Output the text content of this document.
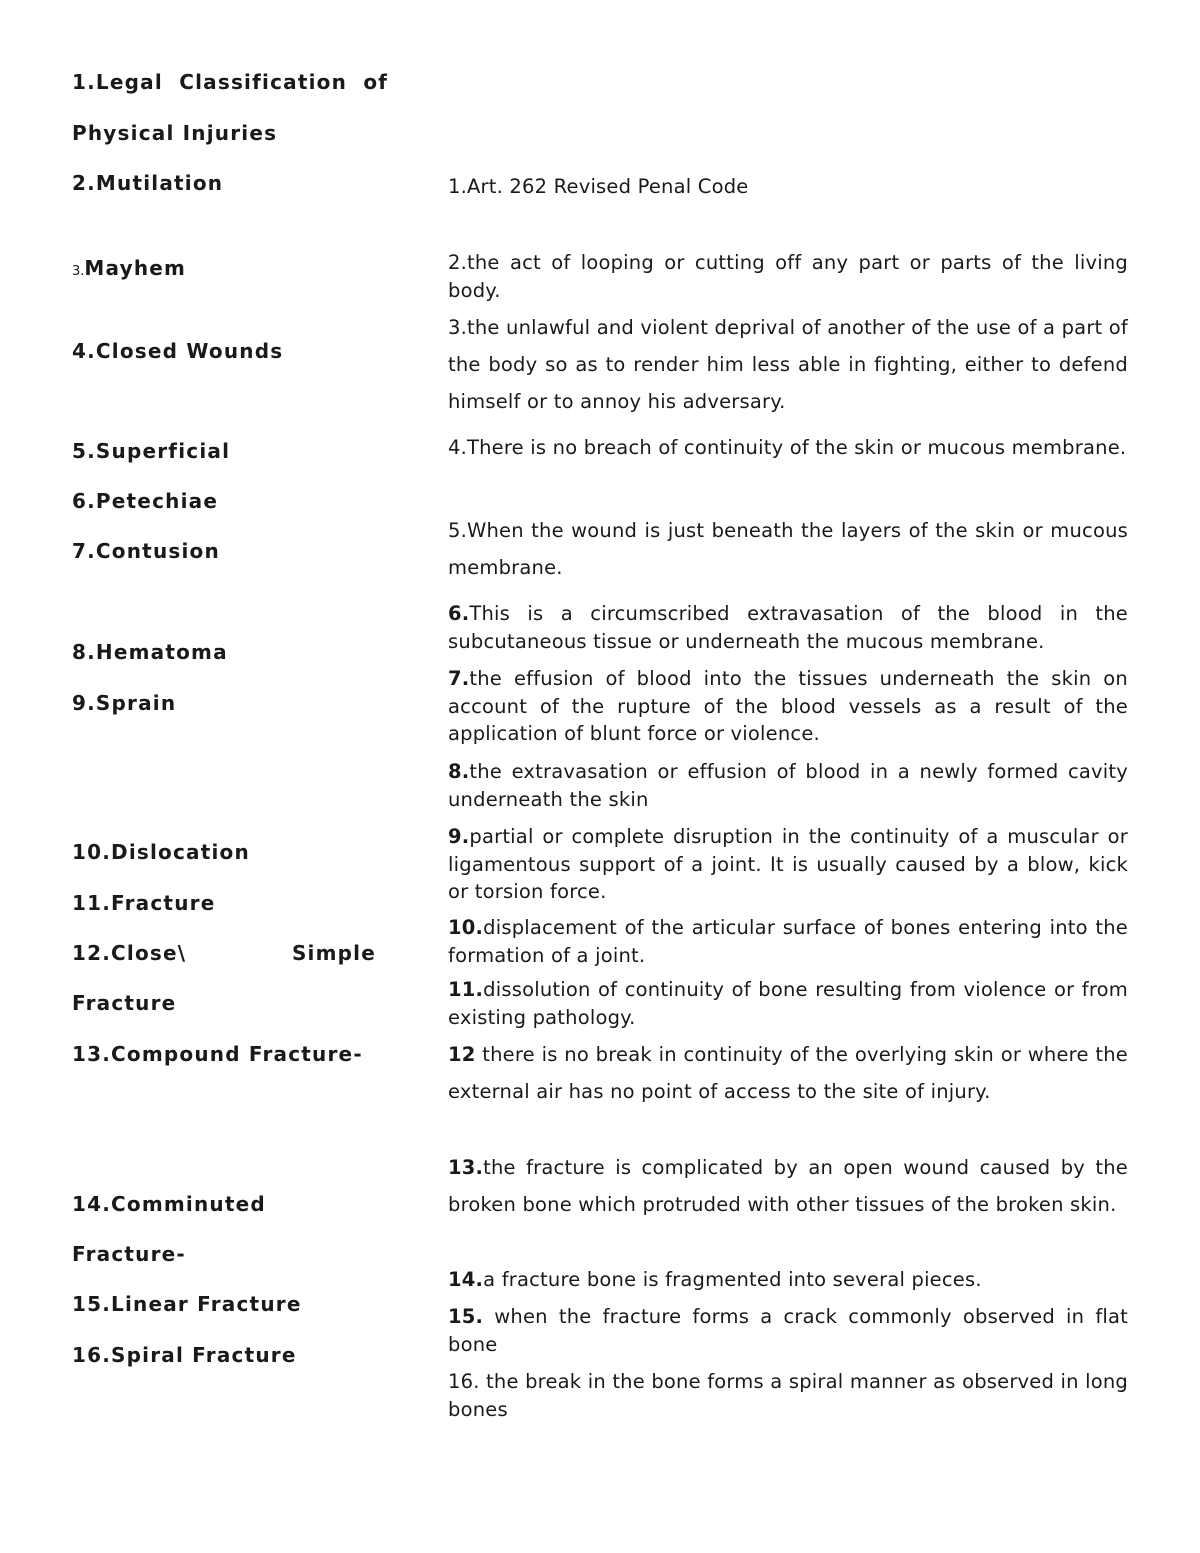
1.Legal  Classification  of
Physical Injuries
2.Mutilation
3.Mayhem
4.Closed Wounds
5.Superficial
6.Petechiae
7.Contusion
8.Hematoma
9.Sprain
10.Dislocation
11.Fracture
12.Close\	Simple
Fracture
13.Compound Fracture-
14.Comminuted
Fracture-
15.Linear Fracture
16.Spiral Fracture
1.Art. 262 Revised Penal Code
2.the act of looping or cutting off any part or parts of the living body.
3.the unlawful and violent deprival of another of the use of a part of the body so as to render him less able in fighting, either to defend himself or to annoy his adversary.
4.There is no breach of continuity of the skin or mucous membrane.
5.When the wound is just beneath the layers of the skin or mucous membrane.
6.This is a circumscribed extravasation of the blood in the subcutaneous tissue or underneath the mucous membrane.
7.the effusion of blood into the tissues underneath the skin on account of the rupture of the blood vessels as a result of the application of blunt force or violence.
8.the extravasation or effusion of blood in a newly formed cavity underneath the skin
9.partial or complete disruption in the continuity of a muscular or ligamentous support of a joint. It is usually caused by a blow, kick or torsion force.
10.displacement of the articular surface of bones entering into the formation of a joint.
11.dissolution of continuity of bone resulting from violence or from existing pathology.
12 there is no break in continuity of the overlying skin or where the external air has no point of access to the site of injury.
13.the fracture is complicated by an open wound caused by the broken bone which protruded with other tissues of the broken skin.
14.a fracture bone is fragmented into several pieces.
15. when the fracture forms a crack commonly observed in flat bone
16. the break in the bone forms a spiral manner as observed in long bones
